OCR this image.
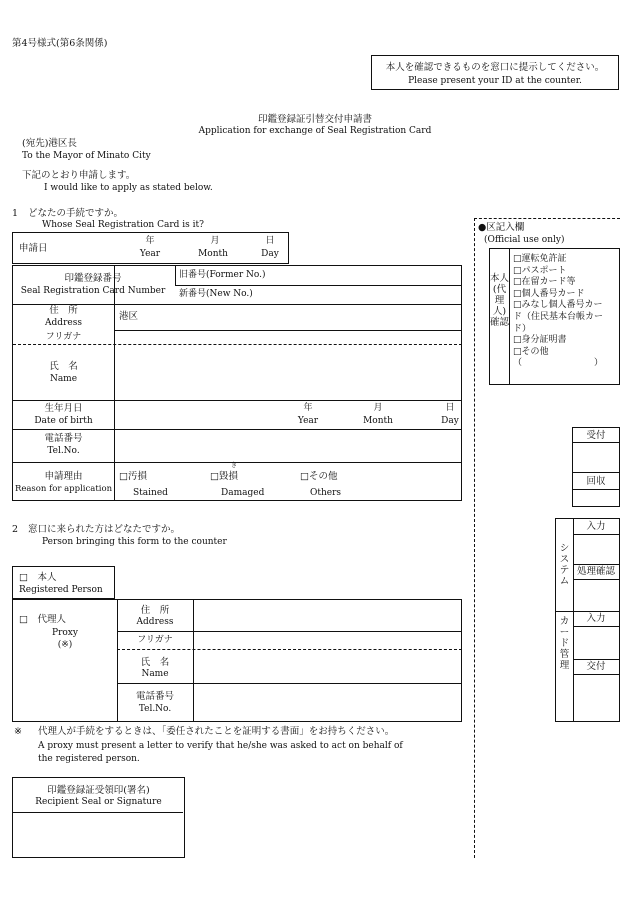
第4号様式(第6条関係)
本人を確認できるものを窓口に提示してください。
Please present your ID at the counter.
印鑑登録証引替交付申請書
Application for exchange of Seal Registration Card
(宛先)港区長
To the Mayor of Minato City
下記のとおり申請します。
I would like to apply as stated below.
1 どなたの手続ですか。
Whose Seal Registration Card is it?
申請日
年
Year
月
Month
日
Day
印鑑登録番号
Seal Registration Card Number
旧番号(Former No.)
新番号(New No.)
住　所
Address
港区
フリガナ
氏　名
Name
生年月日
Date of birth
年
Year
月
Month
日
Day
電話番号
Tel.No.
申請理由
Reason for application
□汚損
Stained
き
□毀損
Damaged
□その他
Others
2 窓口に来られた方はどなたですか。
Person bringing this form to the counter
□　本人
Registered Person
□　代理人
Proxy
(※)
住　所
Address
フリガナ
氏　名
Name
電話番号
Tel.No.
※ 代理人が手続をするときは、「委任されたことを証明する書面」をお持ちください。
A proxy must present a letter to verify that he/she was asked to act on behalf of
the registered person.
印鑑登録証受領印(署名)
Recipient Seal or Signature
●区記入欄
(Official use only)
本人(代理人)確認
□運転免許証
□パスポート
□在留カード等
□個人番号カード
□みなし個人番号カー
ド（住民基本台帳カー
ド）
□身分証明書
□その他
（　　　　　　　　）
受付
回収
システム
入力
処理確認
カード管理
入力
交付
